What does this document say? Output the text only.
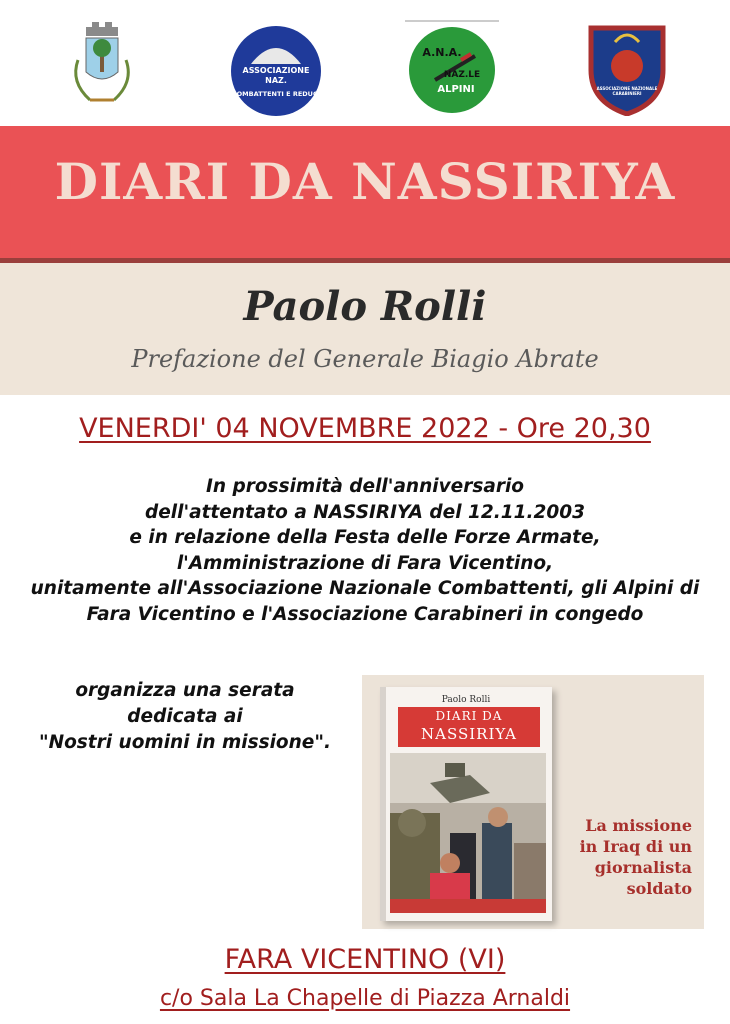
ASSOCIAZIONE
NAZ.
COMBATTENTI E REDUCI
A.N.A.
NAZ.LE
ALPINI	ASSOCIAZIONE NAZIONALE CARABINIERI
DIARI DA NASSIRIYA
Paolo Rolli
Prefazione del Generale Biagio Abrate
VENERDI' 04 NOVEMBRE 2022 - Ore 20,30
In prossimità dell'anniversario
dell'attentato a NASSIRIYA del 12.11.2003
e in relazione della Festa delle Forze Armate,
l'Amministrazione di Fara Vicentino,
unitamente all'Associazione Nazionale Combattenti, gli Alpini di
Fara Vicentino e l'Associazione Carabineri in congedo
organizza una serata
dedicata ai
"Nostri uomini in missione".
Paolo Rolli
DIARI DA
NASSIRIYA
La missione
in Iraq di un
giornalista
soldato
FARA VICENTINO (VI)
c/o Sala La Chapelle di Piazza Arnaldi
